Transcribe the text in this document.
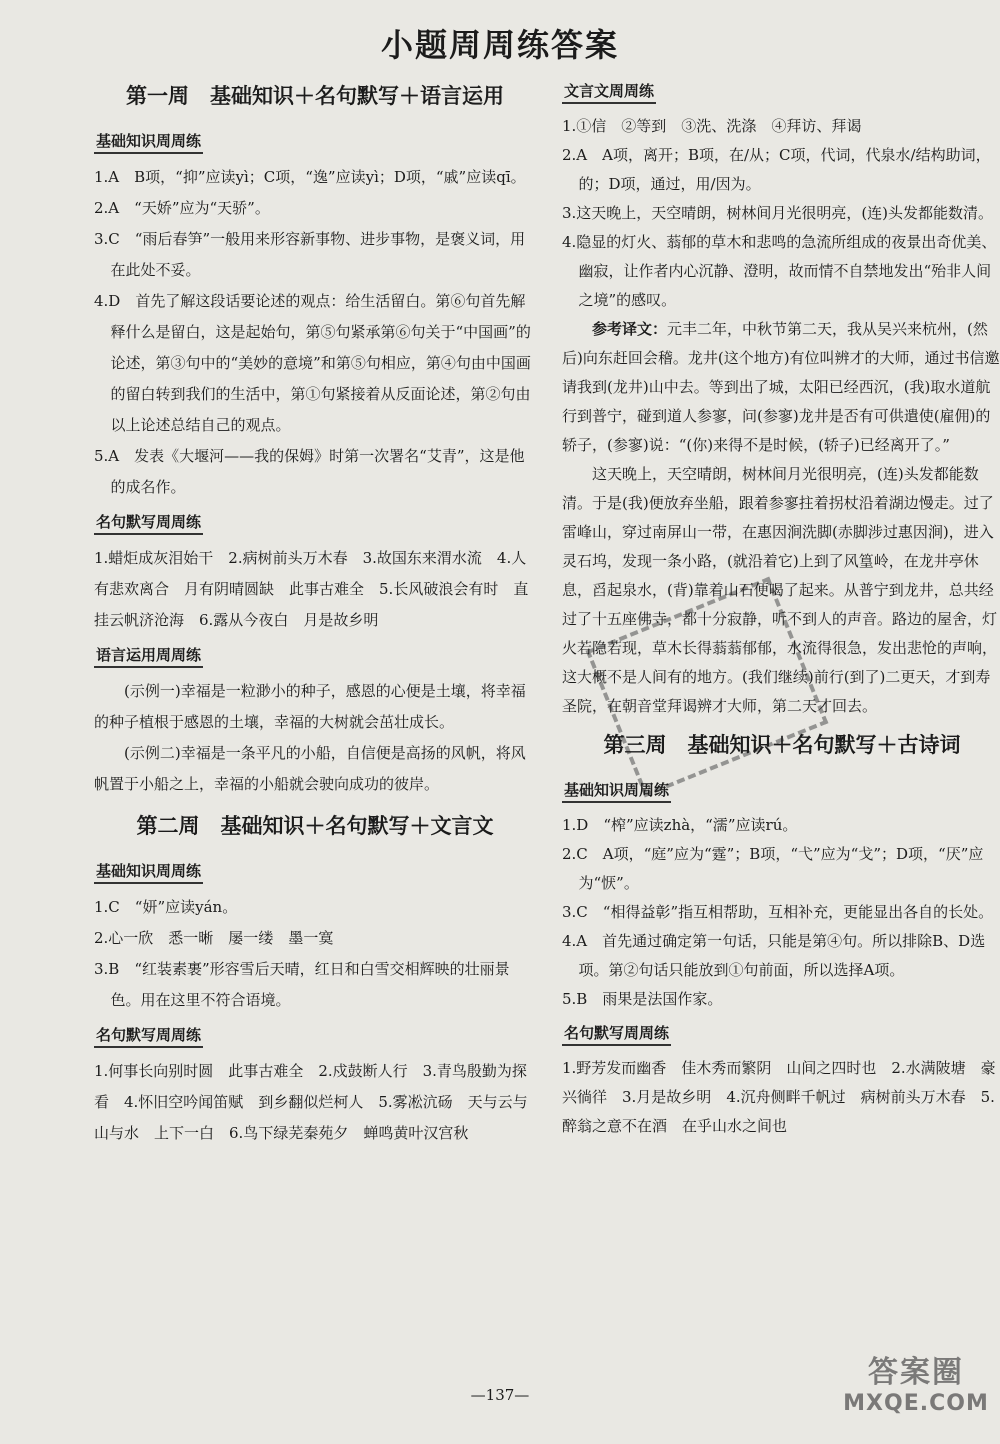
小题周周练答案
第一周　基础知识＋名句默写＋语言运用
基础知识周周练

1.A　B项，“抑”应读yì；C项，“逸”应读yì；D项，“戚”应读qī。

2.A　“天娇”应为“天骄”。

3.C　“雨后春笋”一般用来形容新事物、进步事物，是褒义词，用在此处不妥。

4.D　首先了解这段话要论述的观点：给生活留白。第⑥句首先解释什么是留白，这是起始句，第⑤句紧承第⑥句关于“中国画”的论述，第③句中的“美妙的意境”和第⑤句相应，第④句由中国画的留白转到我们的生活中，第①句紧接着从反面论述，第②句由以上论述总结自己的观点。

5.A　发表《大堰河——我的保姆》时第一次署名“艾青”，这是他的成名作。

名句默写周周练

1.蜡炬成灰泪始干　2.病树前头万木春　3.故国东来渭水流　4.人有悲欢离合　月有阴晴圆缺　此事古难全　5.长风破浪会有时　直挂云帆济沧海　6.露从今夜白　月是故乡明

语言运用周周练

(示例一)幸福是一粒渺小的种子，感恩的心便是土壤，将幸福的种子植根于感恩的土壤，幸福的大树就会茁壮成长。

(示例二)幸福是一条平凡的小船，自信便是高扬的风帆，将风帆置于小船之上，幸福的小船就会驶向成功的彼岸。

第二周　基础知识＋名句默写＋文言文
基础知识周周练

1.C　“妍”应读yán。

2.心一欣　悉一晰　屡一缕　墨一寞

3.B　“红装素裹”形容雪后天晴，红日和白雪交相辉映的壮丽景色。用在这里不符合语境。

名句默写周周练

1.何事长向别时圆　此事古难全　2.戍鼓断人行　3.青鸟殷勤为探看　4.怀旧空吟闻笛赋　到乡翻似烂柯人　5.雾凇沆砀　天与云与山与水　上下一白　6.鸟下绿芜秦苑夕　蝉鸣黄叶汉宫秋

文言文周周练

1.①信　②等到　③洗、洗涤　④拜访、拜谒

2.A　A项，离开；B项，在/从；C项，代词，代泉水/结构助词，的；D项，通过，用/因为。

3.这天晚上，天空晴朗，树林间月光很明亮，(连)头发都能数清。

4.隐显的灯火、蓊郁的草木和悲鸣的急流所组成的夜景出奇优美、幽寂，让作者内心沉静、澄明，故而情不自禁地发出“殆非人间之境”的感叹。

参考译文：元丰二年，中秋节第二天，我从吴兴来杭州，(然后)向东赶回会稽。龙井(这个地方)有位叫辨才的大师，通过书信邀请我到(龙井)山中去。等到出了城，太阳已经西沉，(我)取水道航行到普宁，碰到道人参寥，问(参寥)龙井是否有可供遣使(雇佣)的轿子，(参寥)说：“(你)来得不是时候，(轿子)已经离开了。”

这天晚上，天空晴朗，树林间月光很明亮，(连)头发都能数清。于是(我)便放弃坐船，跟着参寥拄着拐杖沿着湖边慢走。过了雷峰山，穿过南屏山一带，在惠因涧洗脚(赤脚涉过惠因涧)，进入灵石坞，发现一条小路，(就沿着它)上到了风篁岭，在龙井亭休息，舀起泉水，(背)靠着山石便喝了起来。从普宁到龙井，总共经过了十五座佛寺，都十分寂静，听不到人的声音。路边的屋舍，灯火若隐若现，草木长得蓊蓊郁郁，水流得很急，发出悲怆的声响，这大概不是人间有的地方。(我们继续)前行(到了)二更天，才到寿圣院，在朝音堂拜谒辨才大师，第二天才回去。

第三周　基础知识＋名句默写＋古诗词
基础知识周周练

1.D　“榨”应读zhà，“濡”应读rú。

2.C　A项，“庭”应为“霆”；B项，“弋”应为“戈”；D项，“厌”应为“恹”。

3.C　“相得益彰”指互相帮助，互相补充，更能显出各自的长处。

4.A　首先通过确定第一句话，只能是第④句。所以排除B、D选项。第②句话只能放到①句前面，所以选择A项。

5.B　雨果是法国作家。

名句默写周周练

1.野芳发而幽香　佳木秀而繁阴　山间之四时也　2.水满陂塘　豪兴徜徉　3.月是故乡明　4.沉舟侧畔千帆过　病树前头万木春　5.醉翁之意不在酒　在乎山水之间也

—137—
答案圈
MXQE.COM
